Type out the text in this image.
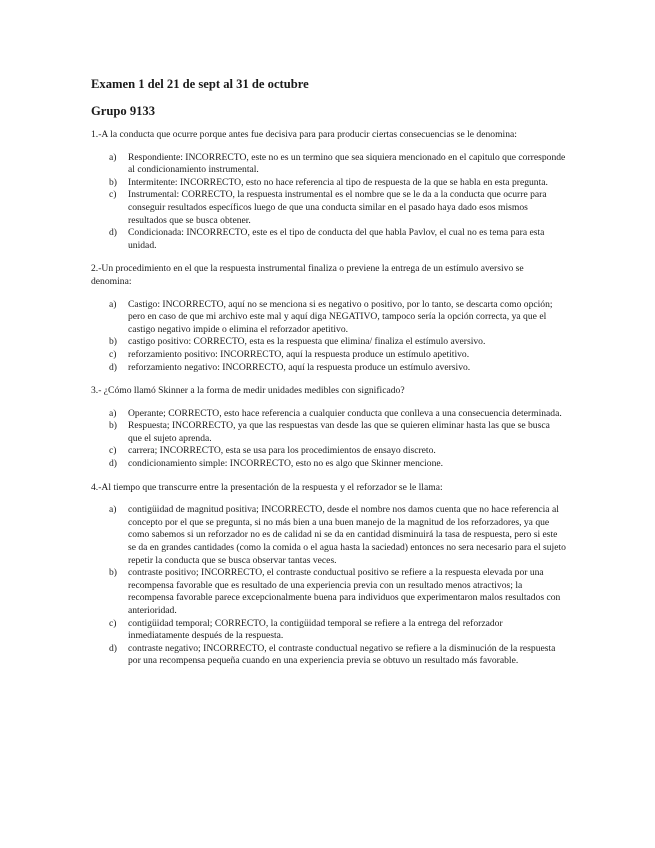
Examen 1 del 21 de sept al 31 de octubre
Grupo 9133

1.-A la conducta que ocurre porque antes fue decisiva para para producir ciertas consecuencias se le denomina:

a) Respondiente: INCORRECTO, este no es un termino que sea siquiera mencionado en el capitulo que corresponde al condicionamiento instrumental.
b) Intermitente: INCORRECTO, esto no hace referencia al tipo de respuesta de la que se habla en esta pregunta.
c) Instrumental: CORRECTO, la respuesta instrumental es el nombre que se le da a la conducta que ocurre para conseguir resultados específicos luego de que una conducta similar en el pasado haya dado esos mismos resultados que se busca obtener.
d) Condicionada: INCORRECTO, este es el tipo de conducta del que habla Pavlov, el cual no es tema para esta unidad.

2.-Un procedimiento en el que la respuesta instrumental finaliza o previene la entrega de un estímulo aversivo se denomina:

a) Castigo: INCORRECTO, aquí no se menciona si es negativo o positivo, por lo tanto, se descarta como opción; pero en caso de que mi archivo este mal y aquí diga NEGATIVO, tampoco sería la opción correcta, ya que el castigo negativo impide o elimina el reforzador apetitivo.
b) castigo positivo: CORRECTO, esta es la respuesta que elimina/ finaliza el estímulo aversivo.
c) reforzamiento positivo: INCORRECTO, aquí la respuesta produce un estímulo apetitivo.
d) reforzamiento negativo: INCORRECTO, aquí la respuesta produce un estímulo aversivo.

3.- ¿Cómo llamó Skinner a la forma de medir unidades medibles con significado?

a) Operante; CORRECTO, esto hace referencia a cualquier conducta que conlleva a una consecuencia determinada.
b) Respuesta; INCORRECTO, ya que las respuestas van desde las que se quieren eliminar hasta las que se busca que el sujeto aprenda.
c) carrera; INCORRECTO, esta se usa para los procedimientos de ensayo discreto.
d) condicionamiento simple: INCORRECTO, esto no es algo que Skinner mencione.

4.-Al tiempo que transcurre entre la presentación de la respuesta y el reforzador se le llama:

a) contigüidad de magnitud positiva; INCORRECTO, desde el nombre nos damos cuenta que no hace referencia al concepto por el que se pregunta, si no más bien a una buen manejo de la magnitud de los reforzadores, ya que como sabemos si un reforzador no es de calidad ni se da en cantidad disminuirá la tasa de respuesta, pero si este se da en grandes cantidades (como la comida o el agua hasta la saciedad) entonces no sera necesario para el sujeto repetir la conducta que se busca observar tantas veces.
b) contraste positivo; INCORRECTO, el contraste conductual positivo se refiere a la respuesta elevada por una recompensa favorable que es resultado de una experiencia previa con un resultado menos atractivos; la recompensa favorable parece excepcionalmente buena para individuos que experimentaron malos resultados con anterioridad.
c) contigüidad temporal; CORRECTO, la contigüidad temporal se refiere a la entrega del reforzador inmediatamente después de la respuesta.
d) contraste negativo; INCORRECTO, el contraste conductual negativo se refiere a la disminución de la respuesta por una recompensa pequeña cuando en una experiencia previa se obtuvo un resultado más favorable.
